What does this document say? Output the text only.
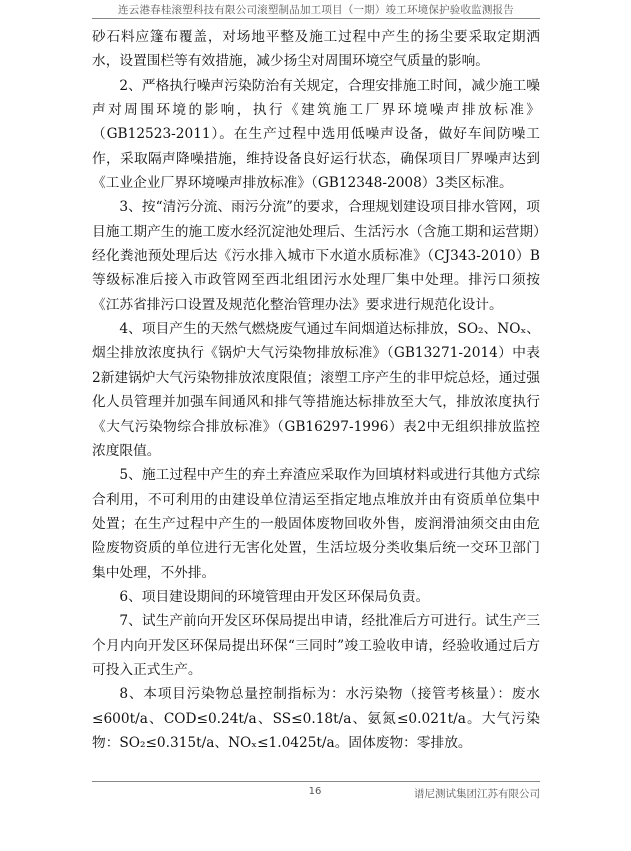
连云港春桂滚塑科技有限公司滚塑制品加工项目（一期）竣工环境保护验收监测报告

砂石料应篷布覆盖，对场地平整及施工过程中产生的扬尘要采取定期洒水，设置围栏等有效措施，减少扬尘对周围环境空气质量的影响。

2、严格执行噪声污染防治有关规定，合理安排施工时间，减少施工噪声对周围环境的影响，执行《建筑施工厂界环境噪声排放标准》（GB12523-2011）。在生产过程中选用低噪声设备，做好车间防噪工作，采取隔声降噪措施，维持设备良好运行状态，确保项目厂界噪声达到《工业企业厂界环境噪声排放标准》（GB12348-2008）3类区标准。

3、按“清污分流、雨污分流”的要求，合理规划建设项目排水管网，项目施工期产生的施工废水经沉淀池处理后、生活污水（含施工期和运营期）经化粪池预处理后达《污水排入城市下水道水质标准》（CJ343-2010）B等级标准后接入市政管网至西北组团污水处理厂集中处理。排污口须按《江苏省排污口设置及规范化整治管理办法》要求进行规范化设计。

4、项目产生的天然气燃烧废气通过车间烟道达标排放，SO₂、NOₓ、烟尘排放浓度执行《锅炉大气污染物排放标准》（GB13271-2014）中表2新建锅炉大气污染物排放浓度限值；滚塑工序产生的非甲烷总烃，通过强化人员管理并加强车间通风和排气等措施达标排放至大气，排放浓度执行《大气污染物综合排放标准》（GB16297-1996）表2中无组织排放监控浓度限值。

5、施工过程中产生的弃土弃渣应采取作为回填材料或进行其他方式综合利用，不可利用的由建设单位清运至指定地点堆放并由有资质单位集中处置；在生产过程中产生的一般固体废物回收外售，废润滑油须交由由危险废物资质的单位进行无害化处置，生活垃圾分类收集后统一交环卫部门集中处理，不外排。

6、项目建设期间的环境管理由开发区环保局负责。

7、试生产前向开发区环保局提出申请，经批准后方可进行。试生产三个月内向开发区环保局提出环保“三同时”竣工验收申请，经验收通过后方可投入正式生产。

8、本项目污染物总量控制指标为：水污染物（接管考核量）：废水≤600t/a、COD≤0.24t/a、SS≤0.18t/a、氨氮≤0.021t/a。大气污染物：SO₂≤0.315t/a、NOₓ≤1.0425t/a。固体废物：零排放。

16	谱尼测试集团江苏有限公司
